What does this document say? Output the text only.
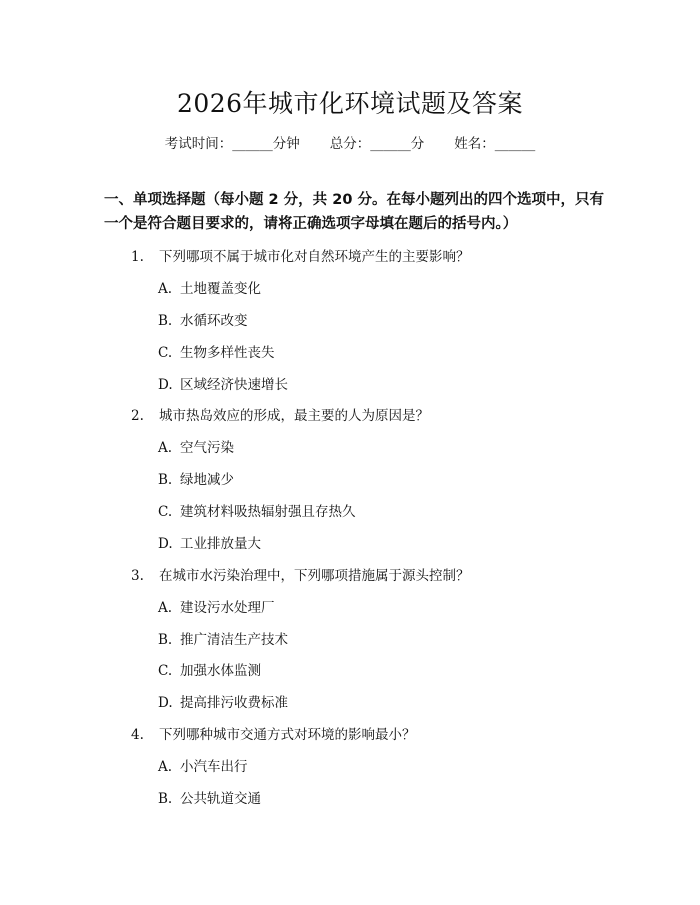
2026年城市化环境试题及答案
考试时间：______分钟 总分：______分 姓名：______
一、单项选择题（每小题 2 分，共 20 分。在每小题列出的四个选项中，只有一个是符合题目要求的，请将正确选项字母填在题后的括号内。）
1. 下列哪项不属于城市化对自然环境产生的主要影响？
A. 土地覆盖变化
B. 水循环改变
C. 生物多样性丧失
D. 区域经济快速增长
2. 城市热岛效应的形成，最主要的人为原因是？
A. 空气污染
B. 绿地减少
C. 建筑材料吸热辐射强且存热久
D. 工业排放量大
3. 在城市水污染治理中，下列哪项措施属于源头控制？
A. 建设污水处理厂
B. 推广清洁生产技术
C. 加强水体监测
D. 提高排污收费标准
4. 下列哪种城市交通方式对环境的影响最小？
A. 小汽车出行
B. 公共轨道交通
